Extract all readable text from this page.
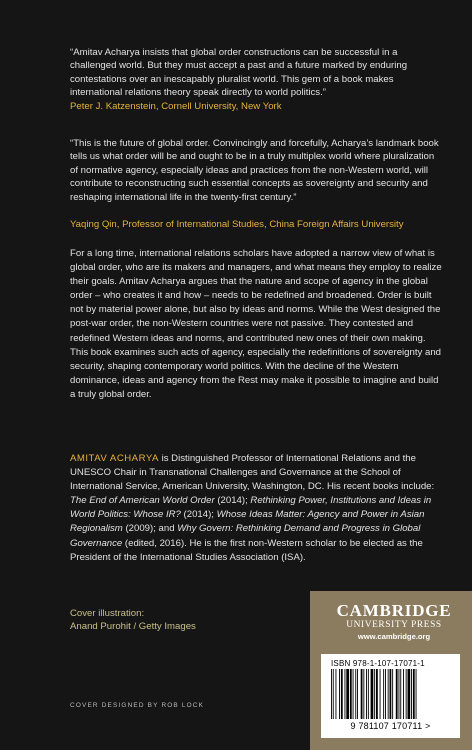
“Amitav Acharya insists that global order constructions can be successful in a challenged world. But they must accept a past and a future marked by enduring contestations over an inescapably pluralist world. This gem of a book makes international relations theory speak directly to world politics.”

Peter J. Katzenstein, Cornell University, New York

“This is the future of global order. Convincingly and forcefully, Acharya’s landmark book tells us what order will be and ought to be in a truly multiplex world where pluralization of normative agency, especially ideas and practices from the non-Western world, will contribute to reconstructing such essential concepts as sovereignty and security and reshaping international life in the twenty-first century.”

Yaqing Qin, Professor of International Studies, China Foreign Affairs University

For a long time, international relations scholars have adopted a narrow view of what is global order, who are its makers and managers, and what means they employ to realize their goals. Amitav Acharya argues that the nature and scope of agency in the global order – who creates it and how – needs to be redefined and broadened. Order is built not by material power alone, but also by ideas and norms. While the West designed the post-war order, the non-Western countries were not passive. They contested and redefined Western ideas and norms, and contributed new ones of their own making. This book examines such acts of agency, especially the redefinitions of sovereignty and security, shaping contemporary world politics. With the decline of the Western dominance, ideas and agency from the Rest may make it possible to imagine and build a truly global order.

AMITAV ACHARYA is Distinguished Professor of International Relations and the UNESCO Chair in Transnational Challenges and Governance at the School of International Service, American University, Washington, DC. His recent books include: The End of American World Order (2014); Rethinking Power, Institutions and Ideas in World Politics: Whose IR? (2014); Whose Ideas Matter: Agency and Power in Asian Regionalism (2009); and Why Govern: Rethinking Demand and Progress in Global Governance (edited, 2016). He is the first non-Western scholar to be elected as the President of the International Studies Association (ISA).

Cover illustration:
Anand Purohit / Getty Images
COVER DESIGNED BY ROB LOCK
CAMBRIDGE
UNIVERSITY PRESS
www.cambridge.org
ISBN 978-1-107-17071-1
9 781107 170711 >
